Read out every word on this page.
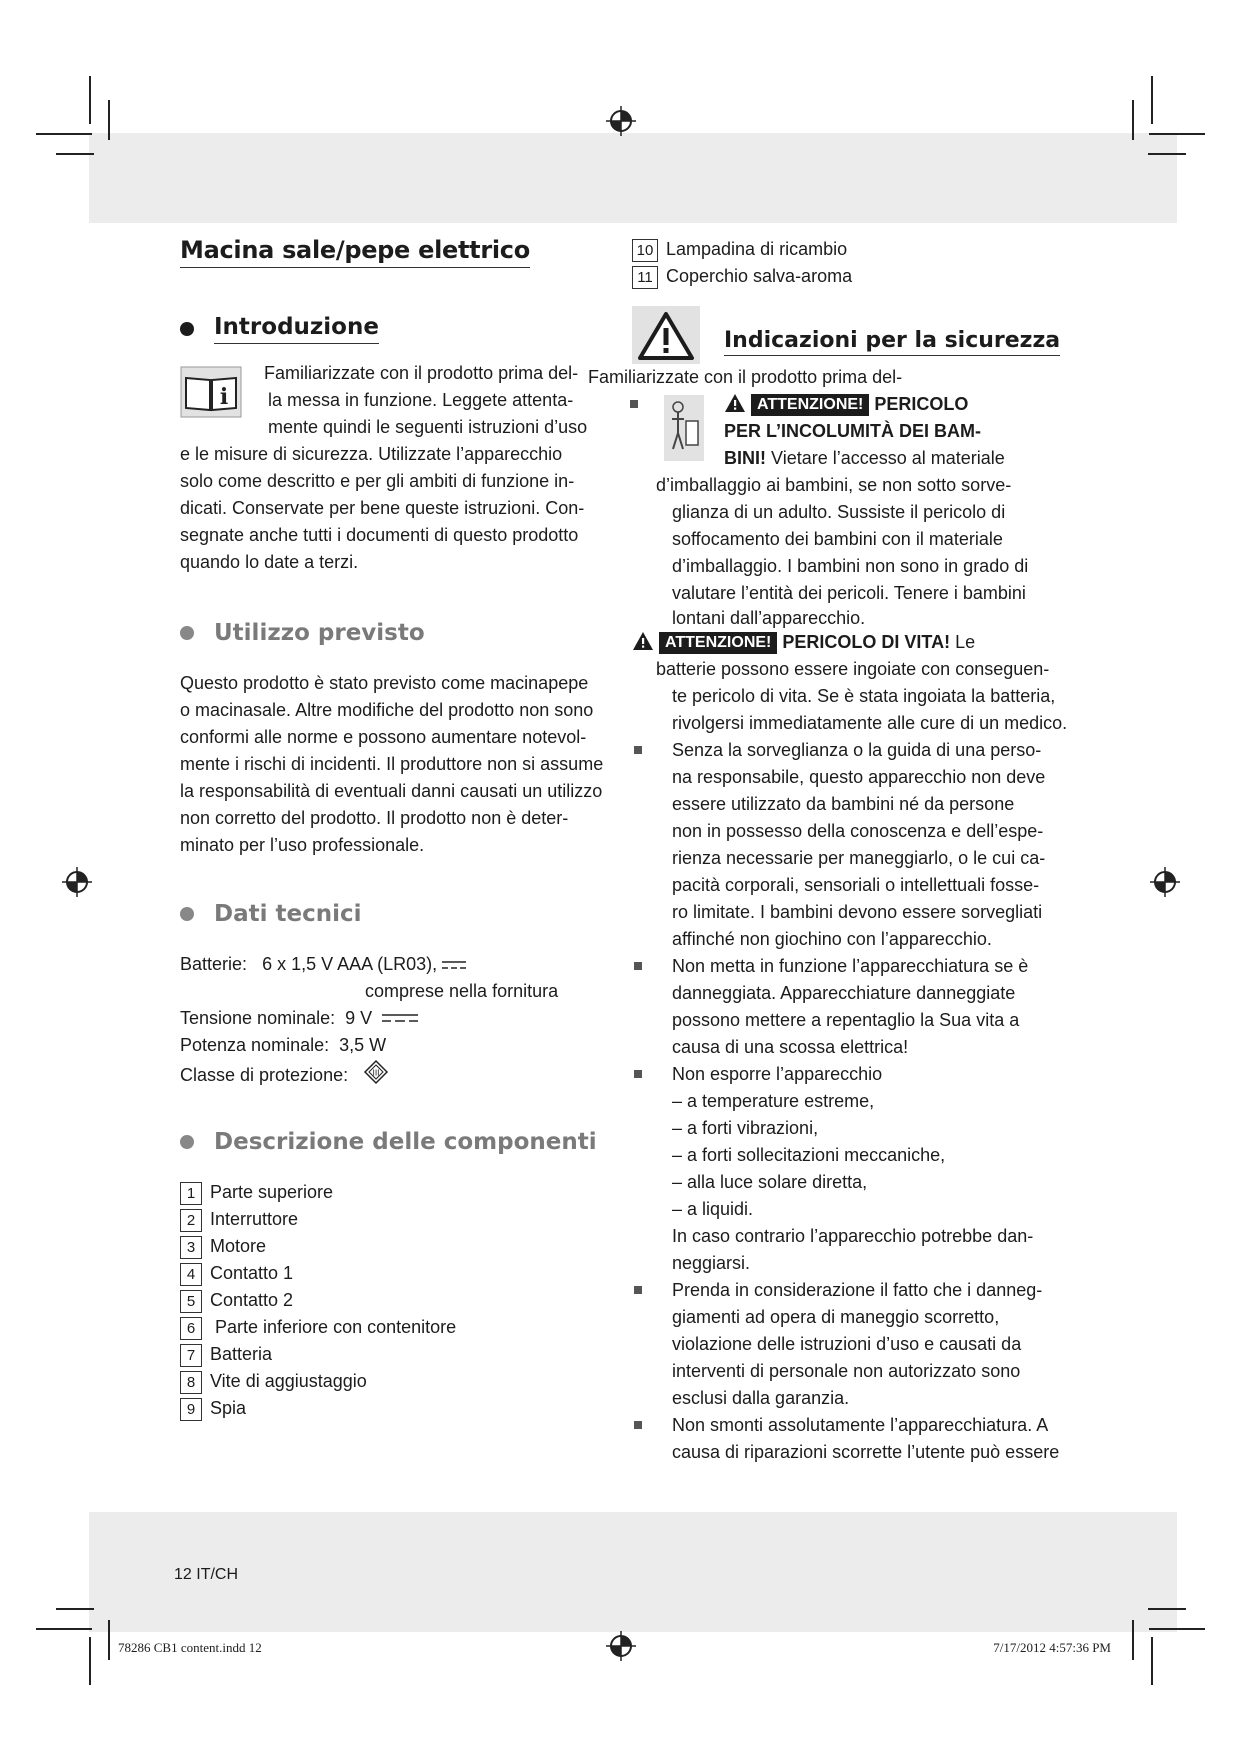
Macina sale/pepe elettrico
Introduzione
i

Familiarizzate con il prodotto prima del-

la messa in funzione. Leggete attenta-

mente quindi le seguenti istruzioni d’uso

e le misure di sicurezza. Utilizzate l’apparecchio

solo come descritto e per gli ambiti di funzione in-

dicati. Conservate per bene queste istruzioni. Con-

segnate anche tutti i documenti di questo prodotto

quando lo date a terzi.

Utilizzo previsto

Questo prodotto è stato previsto come macinapepe

o macinasale. Altre modifiche del prodotto non sono

conformi alle norme e possono aumentare notevol-

mente i rischi di incidenti. Il produttore non si assume

la responsabilità di eventuali danni causati un utilizzo

non corretto del prodotto. Il prodotto non è deter-

minato per l’uso professionale.

Dati tecnici

Batterie: 6 x 1,5 V AAA (LR03),

comprese nella fornitura

Tensione nominale: 9 V

Potenza nominale: 3,5 W

Classe di protezione:	III

Descrizione delle componenti
1 Parte superiore
2 Interruttore
3 Motore
4 Contatto 1
5 Contatto 2
6 Parte inferiore con contenitore
7 Batteria
8 Vite di aggiustaggio
9 Spia
10 Lampadina di ricambio
11 Coperchio salva-aroma
Indicazioni per la sicurezza

Familiarizzate con il prodotto prima del-

ATTENZIONE! PERICOLO

PER L’INCOLUMITÀ DEI BAM-

BINI! Vietare l’accesso al materiale

d’imballaggio ai bambini, se non sotto sorve-

glianza di un adulto. Sussiste il pericolo di

soffocamento dei bambini con il materiale

d’imballaggio. I bambini non sono in grado di

valutare l’entità dei pericoli. Tenere i bambini

lontani dall’apparecchio.

ATTENZIONE! PERICOLO DI VITA! Le

batterie possono essere ingoiate con conseguen-

te pericolo di vita. Se è stata ingoiata la batteria,

rivolgersi immediatamente alle cure di un medico.

Senza la sorveglianza o la guida di una perso-

na responsabile, questo apparecchio non deve

essere utilizzato da bambini né da persone

non in possesso della conoscenza e dell’espe-

rienza necessarie per maneggiarlo, o le cui ca-

pacità corporali, sensoriali o intellettuali fosse-

ro limitate. I bambini devono essere sorvegliati

affinché non giochino con l’apparecchio.

Non metta in funzione l’apparecchiatura se è

danneggiata. Apparecchiature danneggiate

possono mettere a repentaglio la Sua vita a

causa di una scossa elettrica!

Non esporre l’apparecchio

– a temperature estreme,

– a forti vibrazioni,

– a forti sollecitazioni meccaniche,

– alla luce solare diretta,

– a liquidi.

In caso contrario l’apparecchio potrebbe dan-

neggiarsi.

Prenda in considerazione il fatto che i danneg-

giamenti ad opera di maneggio scorretto,

violazione delle istruzioni d’uso e causati da

interventi di personale non autorizzato sono

esclusi dalla garanzia.

Non smonti assolutamente l’apparecchiatura. A

causa di riparazioni scorrette l’utente può essere

12 IT/CH
78286 CB1 content.indd 12	7/17/2012 4:57:36 PM
